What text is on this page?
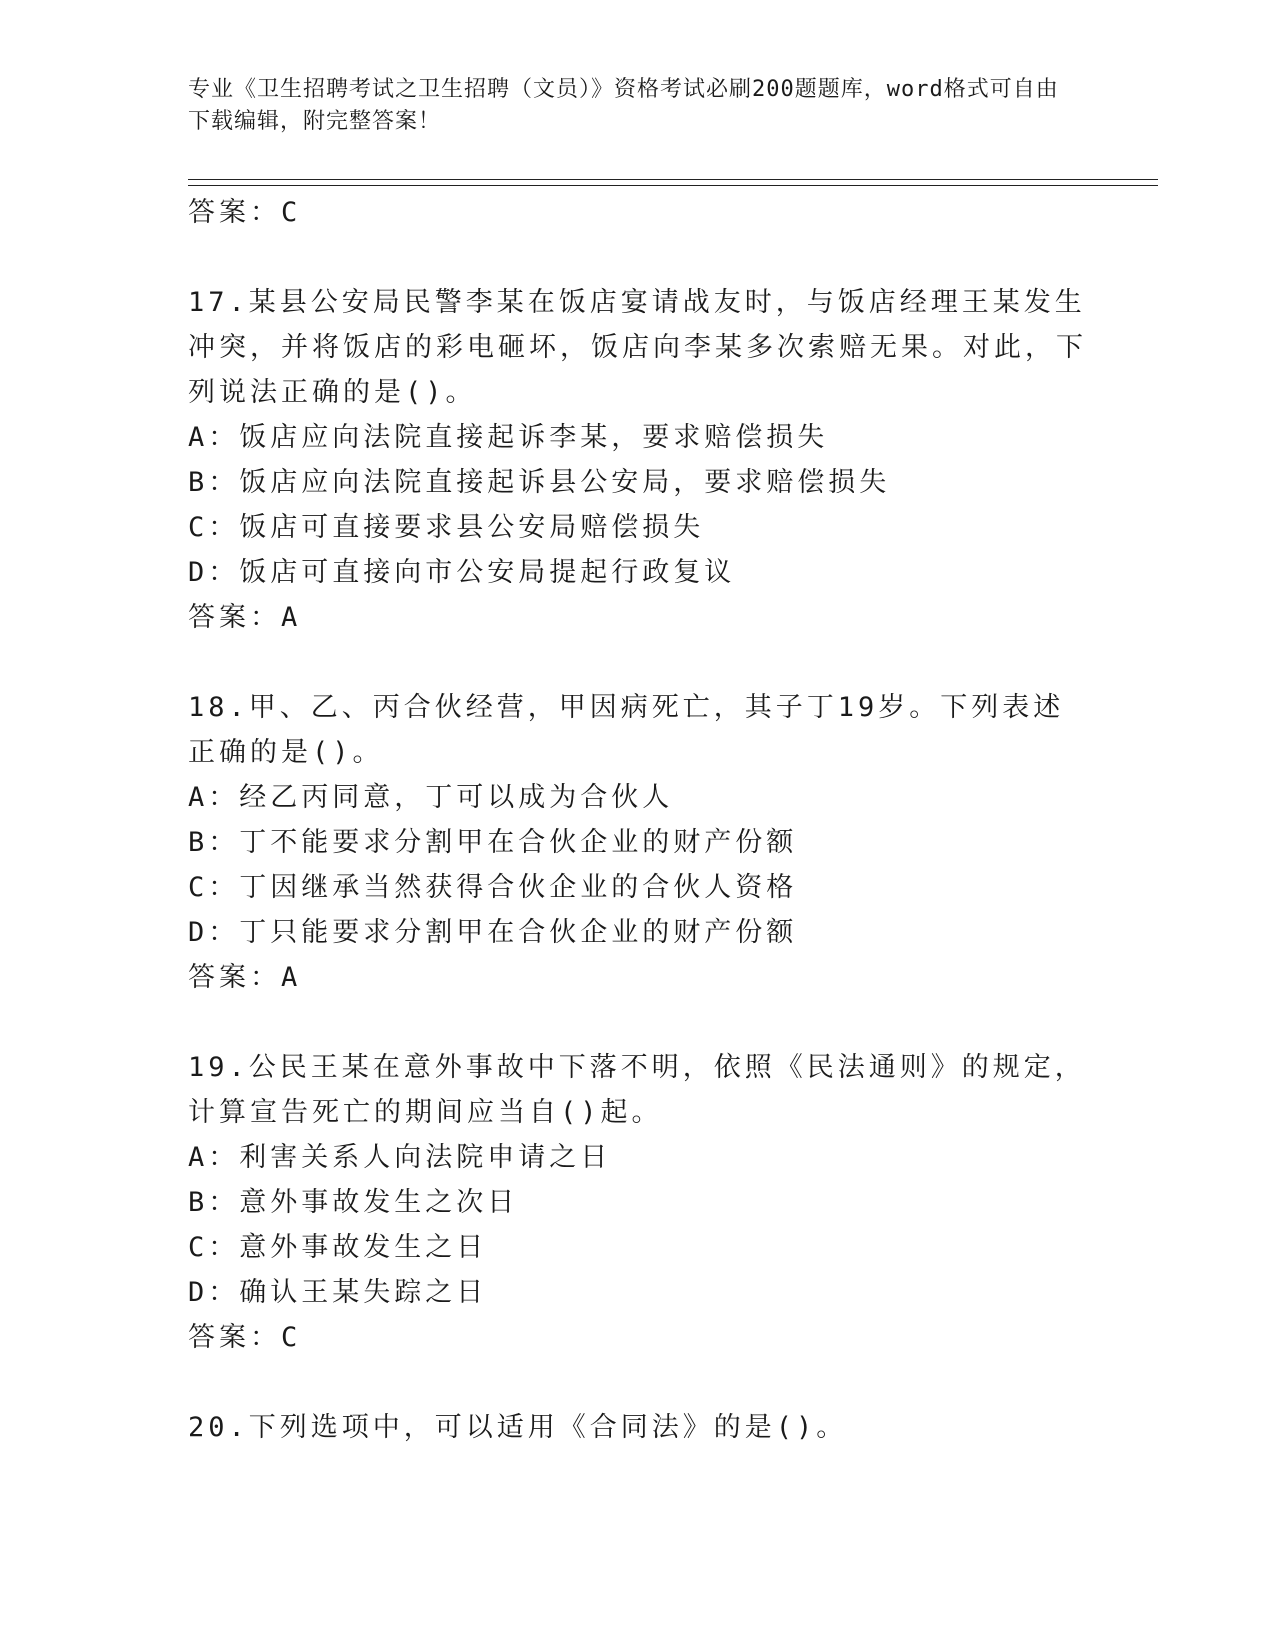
专业《卫生招聘考试之卫生招聘（文员）》资格考试必刷200题题库，word格式可自由下载编辑，附完整答案！
答案：C
17.某县公安局民警李某在饭店宴请战友时，与饭店经理王某发生冲突，并将饭店的彩电砸坏，饭店向李某多次索赔无果。对此，下列说法正确的是()。
A：饭店应向法院直接起诉李某，要求赔偿损失
B：饭店应向法院直接起诉县公安局，要求赔偿损失
C：饭店可直接要求县公安局赔偿损失
D：饭店可直接向市公安局提起行政复议
答案：A
18.甲、乙、丙合伙经营，甲因病死亡，其子丁19岁。下列表述正确的是()。
A：经乙丙同意，丁可以成为合伙人
B：丁不能要求分割甲在合伙企业的财产份额
C：丁因继承当然获得合伙企业的合伙人资格
D：丁只能要求分割甲在合伙企业的财产份额
答案：A
19.公民王某在意外事故中下落不明，依照《民法通则》的规定，计算宣告死亡的期间应当自()起。
A：利害关系人向法院申请之日
B：意外事故发生之次日
C：意外事故发生之日
D：确认王某失踪之日
答案：C
20.下列选项中，可以适用《合同法》的是()。
